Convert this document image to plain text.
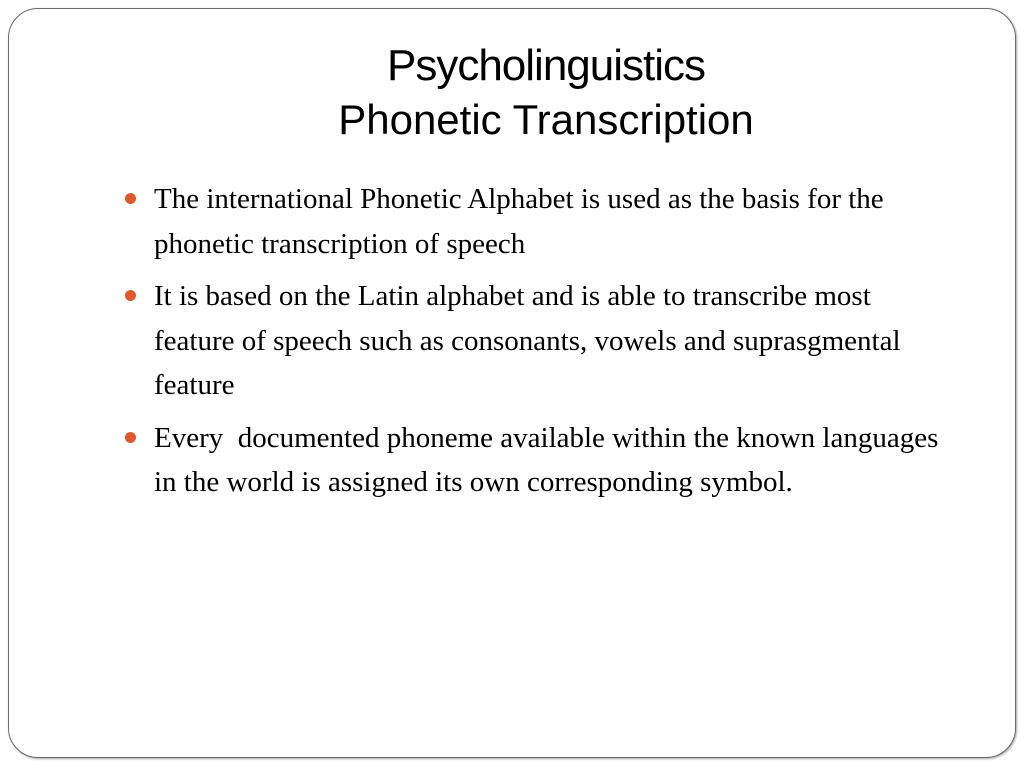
Psycholinguistics
Phonetic Transcription
The international Phonetic Alphabet is used as the basis for the phonetic transcription of speech
It is based on the Latin alphabet and is able to transcribe most feature of speech such as consonants, vowels and suprasgmental feature
Every  documented phoneme available within the known languages in the world is assigned its own corresponding symbol.
